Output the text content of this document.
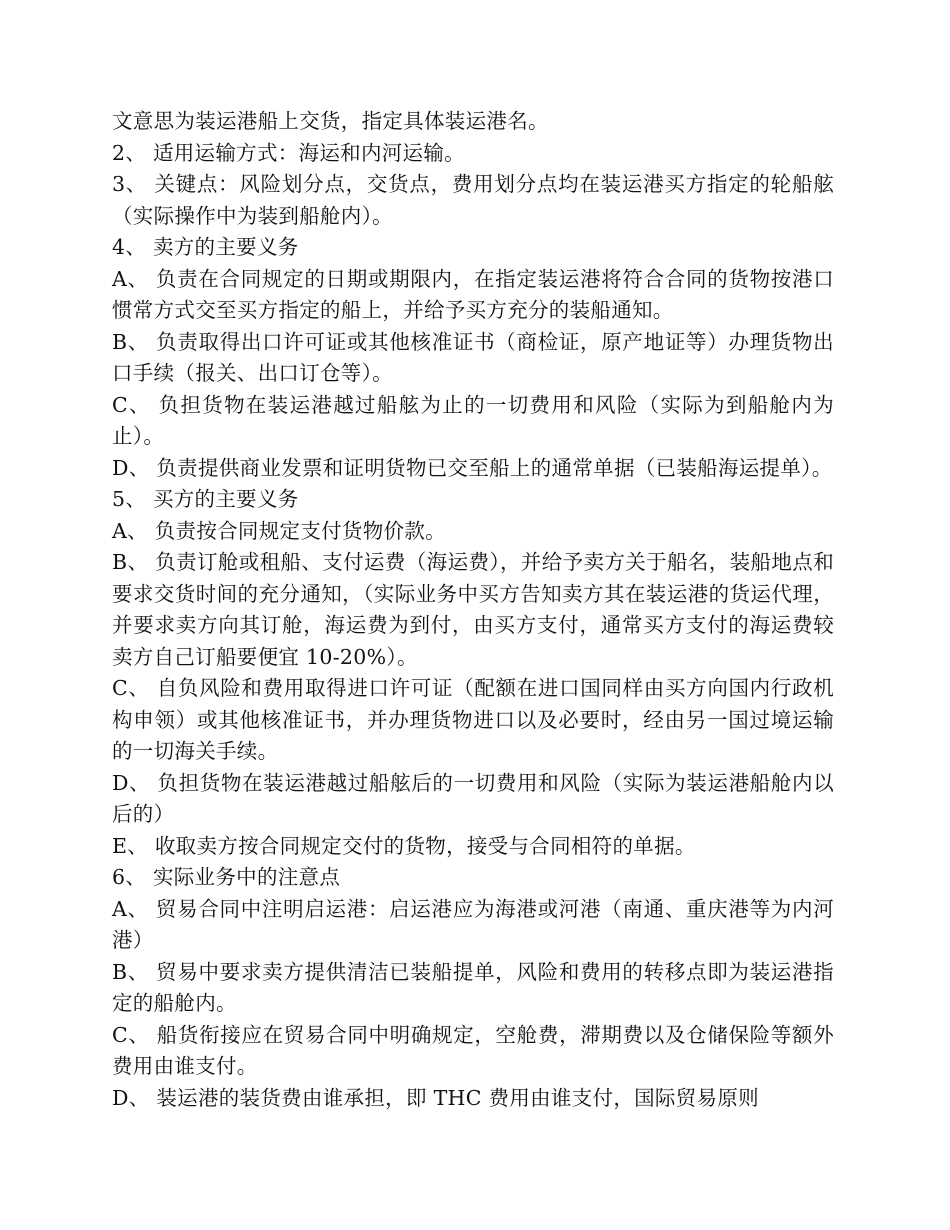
文意思为装运港船上交货，指定具体装运港名。

2、 适用运输方式：海运和内河运输。

3、 关键点：风险划分点，交货点，费用划分点均在装运港买方指定的轮船舷（实际操作中为装到船舱内）。

4、 卖方的主要义务

A、 负责在合同规定的日期或期限内，在指定装运港将符合合同的货物按港口惯常方式交至买方指定的船上，并给予买方充分的装船通知。

B、 负责取得出口许可证或其他核准证书（商检证，原产地证等）办理货物出口手续（报关、出口订仓等）。

C、 负担货物在装运港越过船舷为止的一切费用和风险（实际为到船舱内为止）。

D、 负责提供商业发票和证明货物已交至船上的通常单据（已装船海运提单）。

5、 买方的主要义务

A、 负责按合同规定支付货物价款。

B、 负责订舱或租船、支付运费（海运费），并给予卖方关于船名，装船地点和要求交货时间的充分通知，（实际业务中买方告知卖方其在装运港的货运代理，并要求卖方向其订舱，海运费为到付，由买方支付，通常买方支付的海运费较卖方自己订船要便宜 10-20%）。

C、 自负风险和费用取得进口许可证（配额在进口国同样由买方向国内行政机构申领）或其他核准证书，并办理货物进口以及必要时，经由另一国过境运输的一切海关手续。

D、 负担货物在装运港越过船舷后的一切费用和风险（实际为装运港船舱内以后的）

E、 收取卖方按合同规定交付的货物，接受与合同相符的单据。

6、 实际业务中的注意点

A、 贸易合同中注明启运港：启运港应为海港或河港（南通、重庆港等为内河港）

B、 贸易中要求卖方提供清洁已装船提单，风险和费用的转移点即为装运港指定的船舱内。

C、 船货衔接应在贸易合同中明确规定，空舱费，滞期费以及仓储保险等额外费用由谁支付。

D、 装运港的装货费由谁承担，即 THC 费用由谁支付，国际贸易原则
